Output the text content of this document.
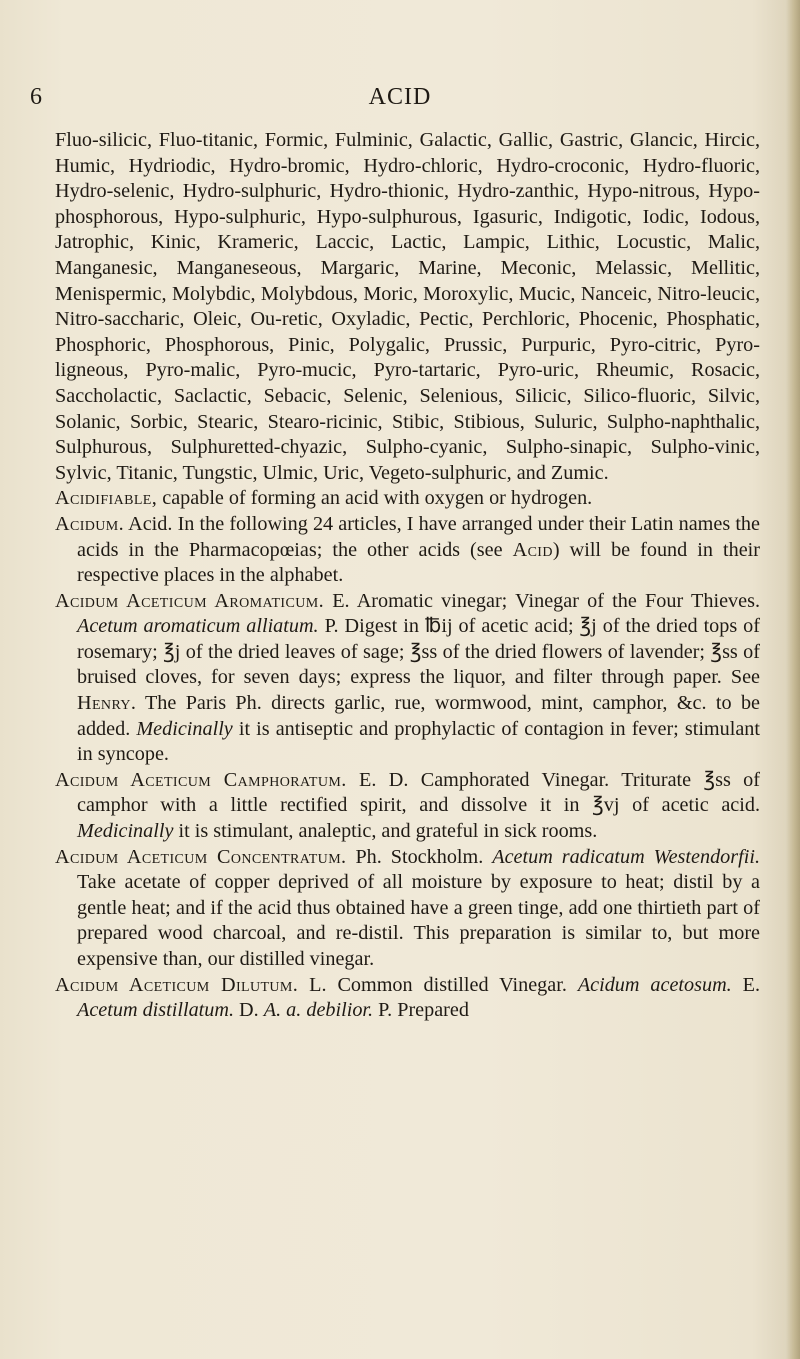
6	ACID

Fluo-silicic, Fluo-titanic, Formic, Fulminic, Galactic, Gallic, Gastric, Glancic, Hircic, Humic, Hydriodic, Hydro-bromic, Hydro-chloric, Hydro-croconic, Hydro-fluoric, Hydro-selenic, Hydro-sulphuric, Hydro-thionic, Hydro-zanthic, Hypo-nitrous, Hypo-phosphorous, Hypo-sulphuric, Hypo-sulphurous, Igasuric, Indigotic, Iodic, Iodous, Jatrophic, Kinic, Krameric, Laccic, Lactic, Lampic, Lithic, Locustic, Malic, Manganesic, Manganeseous, Margaric, Marine, Meconic, Melassic, Mellitic, Menispermic, Molybdic, Molybdous, Moric, Moroxylic, Mucic, Nanceic, Nitro-leucic, Nitro-saccharic, Oleic, Ou-retic, Oxyladic, Pectic, Perchloric, Phocenic, Phosphatic, Phosphoric, Phosphorous, Pinic, Polygalic, Prussic, Purpuric, Pyro-citric, Pyro-ligneous, Pyro-malic, Pyro-mucic, Pyro-tartaric, Pyro-uric, Rheumic, Rosacic, Saccholactic, Saclactic, Sebacic, Selenic, Selenious, Silicic, Silico-fluoric, Silvic, Solanic, Sorbic, Stearic, Stearo-ricinic, Stibic, Stibious, Suluric, Sulpho-naphthalic, Sulphurous, Sulphuretted-chyazic, Sulpho-cyanic, Sulpho-sinapic, Sulpho-vinic, Sylvic, Titanic, Tungstic, Ulmic, Uric, Vegeto-sulphuric, and Zumic.

Acidifiable, capable of forming an acid with oxygen or hydrogen.

Acidum. Acid. In the following 24 articles, I have arranged under their Latin names the acids in the Pharmacopœias; the other acids (see Acid) will be found in their respective places in the alphabet.

Acidum Aceticum Aromaticum. E. Aromatic vinegar; Vinegar of the Four Thieves. Acetum aromaticum alliatum. P. Digest in ℔ij of acetic acid; ℥j of the dried tops of rosemary; ℥j of the dried leaves of sage; ℥ss of the dried flowers of lavender; ℥ss of bruised cloves, for seven days; express the liquor, and filter through paper. See Henry. The Paris Ph. directs garlic, rue, wormwood, mint, camphor, &c. to be added. Medicinally it is antiseptic and prophylactic of contagion in fever; stimulant in syncope.

Acidum Aceticum Camphoratum. E. D. Camphorated Vinegar. Triturate ℥ss of camphor with a little rectified spirit, and dissolve it in ℥vj of acetic acid. Medicinally it is stimulant, analeptic, and grateful in sick rooms.

Acidum Aceticum Concentratum. Ph. Stockholm. Acetum radicatum Westendorfii. Take acetate of copper deprived of all moisture by exposure to heat; distil by a gentle heat; and if the acid thus obtained have a green tinge, add one thirtieth part of prepared wood charcoal, and re-distil. This preparation is similar to, but more expensive than, our distilled vinegar.

Acidum Aceticum Dilutum. L. Common distilled Vinegar. Acidum acetosum. E. Acetum distillatum. D. A. a. debilior. P. Prepared
